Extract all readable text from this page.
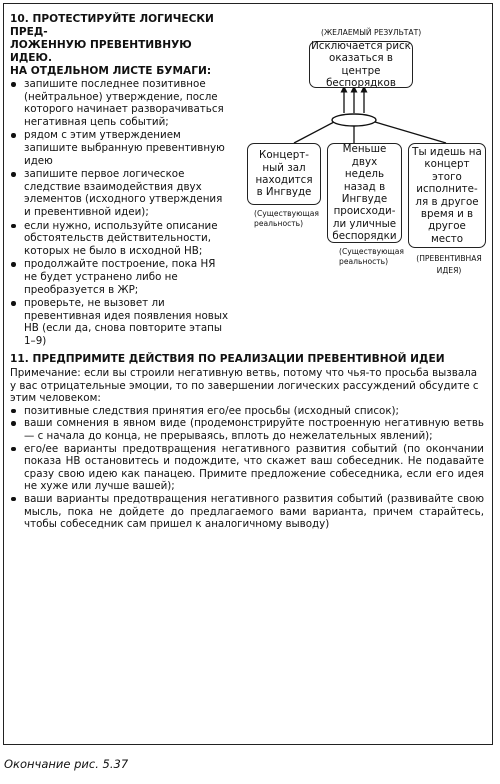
10. ПРОТЕСТИРУЙТЕ ЛОГИЧЕСКИ ПРЕД-
ЛОЖЕННУЮ ПРЕВЕНТИВНУЮ ИДЕЮ.
НА ОТДЕЛЬНОМ ЛИСТЕ БУМАГИ:
запишите последнее позитивное (нейтральное) утверждение, после которого начинает разворачиваться негативная цепь событий;
рядом с этим утверждением запишите выбранную превентивную идею
запишите первое логическое следствие взаимодействия двух элементов (исходного утверждения и превентивной идеи);
если нужно, используйте описание обстоятельств действительности, которых не было в исходной НВ;
продолжайте построение, пока НЯ не будет устранено либо не преобразуется в ЖР;
проверьте, не вызовет ли превентивная идея появления новых НВ (если да, снова повторите этапы 1–9)
(ЖЕЛАЕМЫЙ РЕЗУЛЬТАТ)
Исключается риск оказаться в центре беспорядков
Концерт-ный зал находится в Ингвуде
(Существующая реальность)
Меньше двух недель назад в Ингвуде происходи-ли уличные беспорядки
(Существующая реальность)
Ты идешь на концерт этого исполните-ля в другое время и в другое место
(ПРЕВЕНТИВНАЯ ИДЕЯ)
11. ПРЕДПРИМИТЕ ДЕЙСТВИЯ ПО РЕАЛИЗАЦИИ ПРЕВЕНТИВНОЙ ИДЕИ
Примечание: если вы строили негативную ветвь, потому что чья-то просьба вызвала у вас отрицательные эмоции, то по завершении логических рассуждений обсудите с этим человеком:
позитивные следствия принятия его/ее просьбы (исходный список);
ваши сомнения в явном виде (продемонстрируйте построенную негативную ветвь — с начала до конца, не прерываясь, вплоть до нежелательных явлений);
его/ее варианты предотвращения негативного развития событий (по окончании показа НВ остановитесь и подождите, что скажет ваш собеседник. Не подавайте сразу свою идею как панацею. Примите предложение собеседника, если его идея не хуже или лучше вашей);
ваши варианты предотвращения негативного развития событий (развивайте свою мысль, пока не дойдете до предлагаемого вами варианта, причем старайтесь, чтобы собеседник сам пришел к аналогичному выводу)
Окончание рис. 5.37
